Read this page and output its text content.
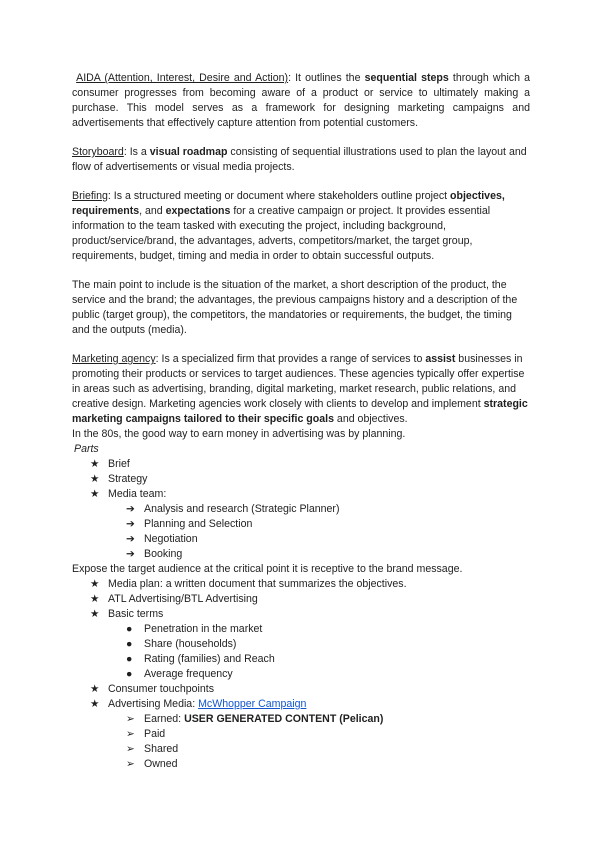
AIDA (Attention, Interest, Desire and Action): It outlines the sequential steps through which a consumer progresses from becoming aware of a product or service to ultimately making a purchase. This model serves as a framework for designing marketing campaigns and advertisements that effectively capture attention from potential customers.

Storyboard: Is a visual roadmap consisting of sequential illustrations used to plan the layout and flow of advertisements or visual media projects.

Briefing: Is a structured meeting or document where stakeholders outline project objectives, requirements, and expectations for a creative campaign or project. It provides essential information to the team tasked with executing the project, including background, product/service/brand, the advantages, adverts, competitors/market, the target group, requirements, budget, timing and media in order to obtain successful outputs.

The main point to include is the situation of the market, a short description of the product, the service and the brand; the advantages, the previous campaigns history and a description of the public (target group), the competitors, the mandatories or requirements, the budget, the timing and the outputs (media).

Marketing agency: Is a specialized firm that provides a range of services to assist businesses in promoting their products or services to target audiences. These agencies typically offer expertise in areas such as advertising, branding, digital marketing, market research, public relations, and creative design. Marketing agencies work closely with clients to develop and implement strategic marketing campaigns tailored to their specific goals and objectives.

In the 80s, the good way to earn money in advertising was by planning.

Parts

★ Brief
★ Strategy
★ Media team:
➔ Analysis and research (Strategic Planner)
➔ Planning and Selection
➔ Negotiation
➔ Booking

Expose the target audience at the critical point it is receptive to the brand message.

★ Media plan: a written document that summarizes the objectives.
★ ATL Advertising/BTL Advertising
★ Basic terms
●	Penetration in the market
●	Share (households)
●	Rating (families) and Reach
●	Average frequency
★ Consumer touchpoints
★ Advertising Media: McWhopper Campaign
➢ Earned: USER GENERATED CONTENT (Pelican)
➢ Paid
➢ Shared
➢ Owned
